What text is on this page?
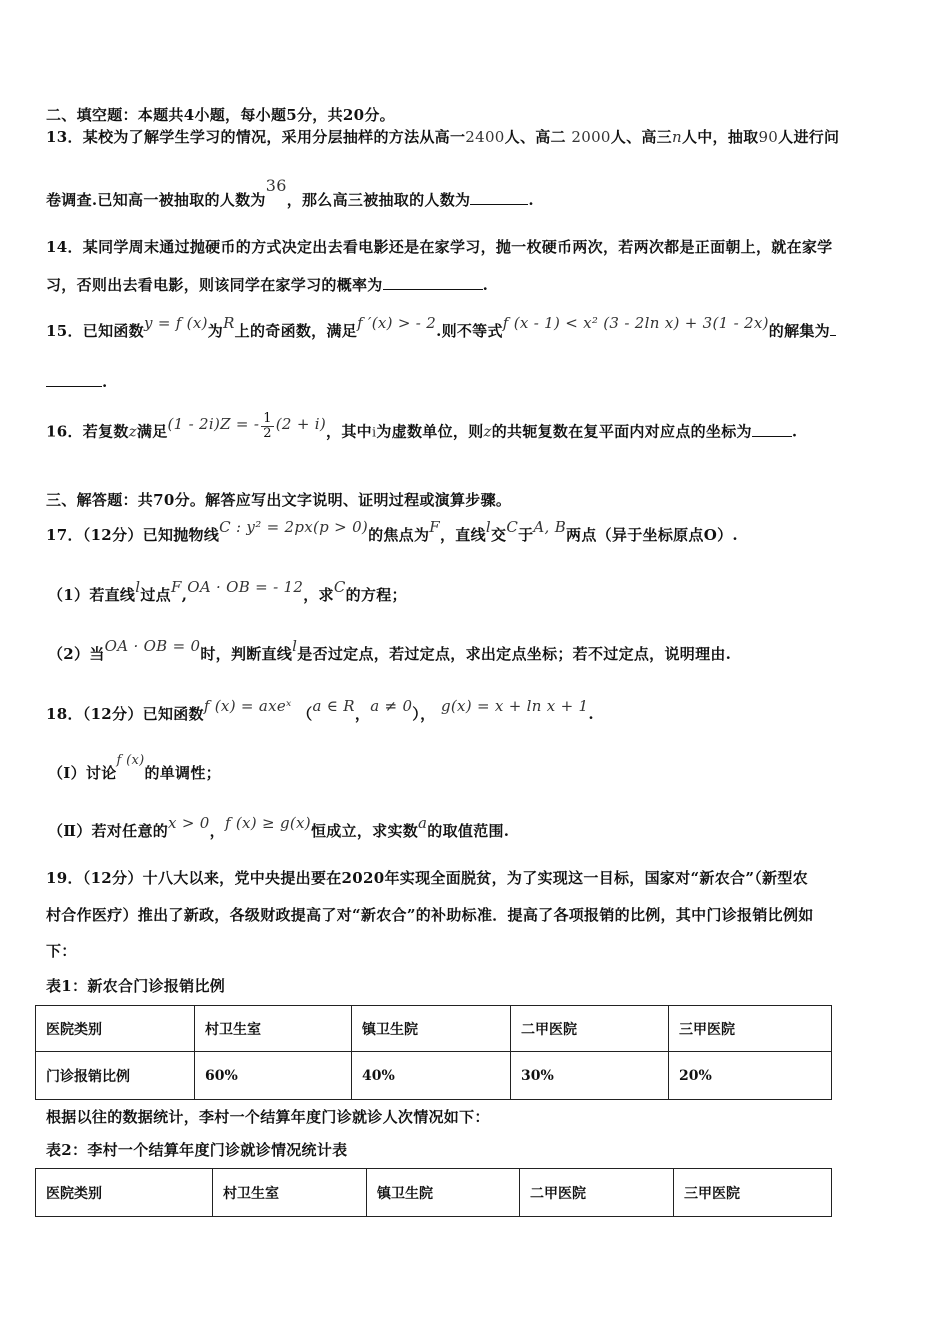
二、填空题：本题共4小题，每小题5分，共20分。
13．某校为了解学生学习的情况，采用分层抽样的方法从高一2400人、高二 2000人、高三n人中，抽取90人进行问
卷调查.已知高一被抽取的人数为36，那么高三被抽取的人数为	.
14．某同学周末通过抛硬币的方式决定出去看电影还是在家学习，抛一枚硬币两次，若两次都是正面朝上，就在家学
习，否则出去看电影，则该同学在家学习的概率为	.
15．已知函数y = f (x)为R上的奇函数，满足f ′(x) > - 2.则不等式f (x - 1) < x² (3 - 2ln x) + 3(1 - 2x)的解集为
.
16．若复数z满足(1 - 2i)Z = - $\frac{1}{2} (2 + i)$，其中i为虚数单位，则z的共轭复数在复平面内对应点的坐标为	.
三、解答题：共70分。解答应写出文字说明、证明过程或演算步骤。
17．（12分）已知抛物线C : y² = 2px(p > 0)的焦点为F，直线l交C于A, B两点（异于坐标原点O）.
（1）若直线l过点F,OA · OB = - 12，求C的方程；
（2）当OA · OB = 0时，判断直线l是否过定点，若过定点，求出定点坐标；若不过定点，说明理由.
18．（12分）已知函数f (x) = axeˣ （a ∈ R，a ≠ 0）， g(x) = x + ln x + 1.
（Ⅰ）讨论f (x)的单调性；
（Ⅱ）若对任意的x > 0，f (x) ≥ g(x)恒成立，求实数a的取值范围.
19．（12分）十八大以来，党中央提出要在2020年实现全面脱贫，为了实现这一目标，国家对“新农合”（新型农
村合作医疗）推出了新政，各级财政提高了对“新农合”的补助标准．提高了各项报销的比例，其中门诊报销比例如
下：
表1：新农合门诊报销比例
医院类别	村卫生室	镇卫生院	二甲医院	三甲医院
门诊报销比例	60%	40%	30%	20%
根据以往的数据统计，李村一个结算年度门诊就诊人次情况如下：
表2：李村一个结算年度门诊就诊情况统计表
医院类别	村卫生室	镇卫生院	二甲医院	三甲医院
